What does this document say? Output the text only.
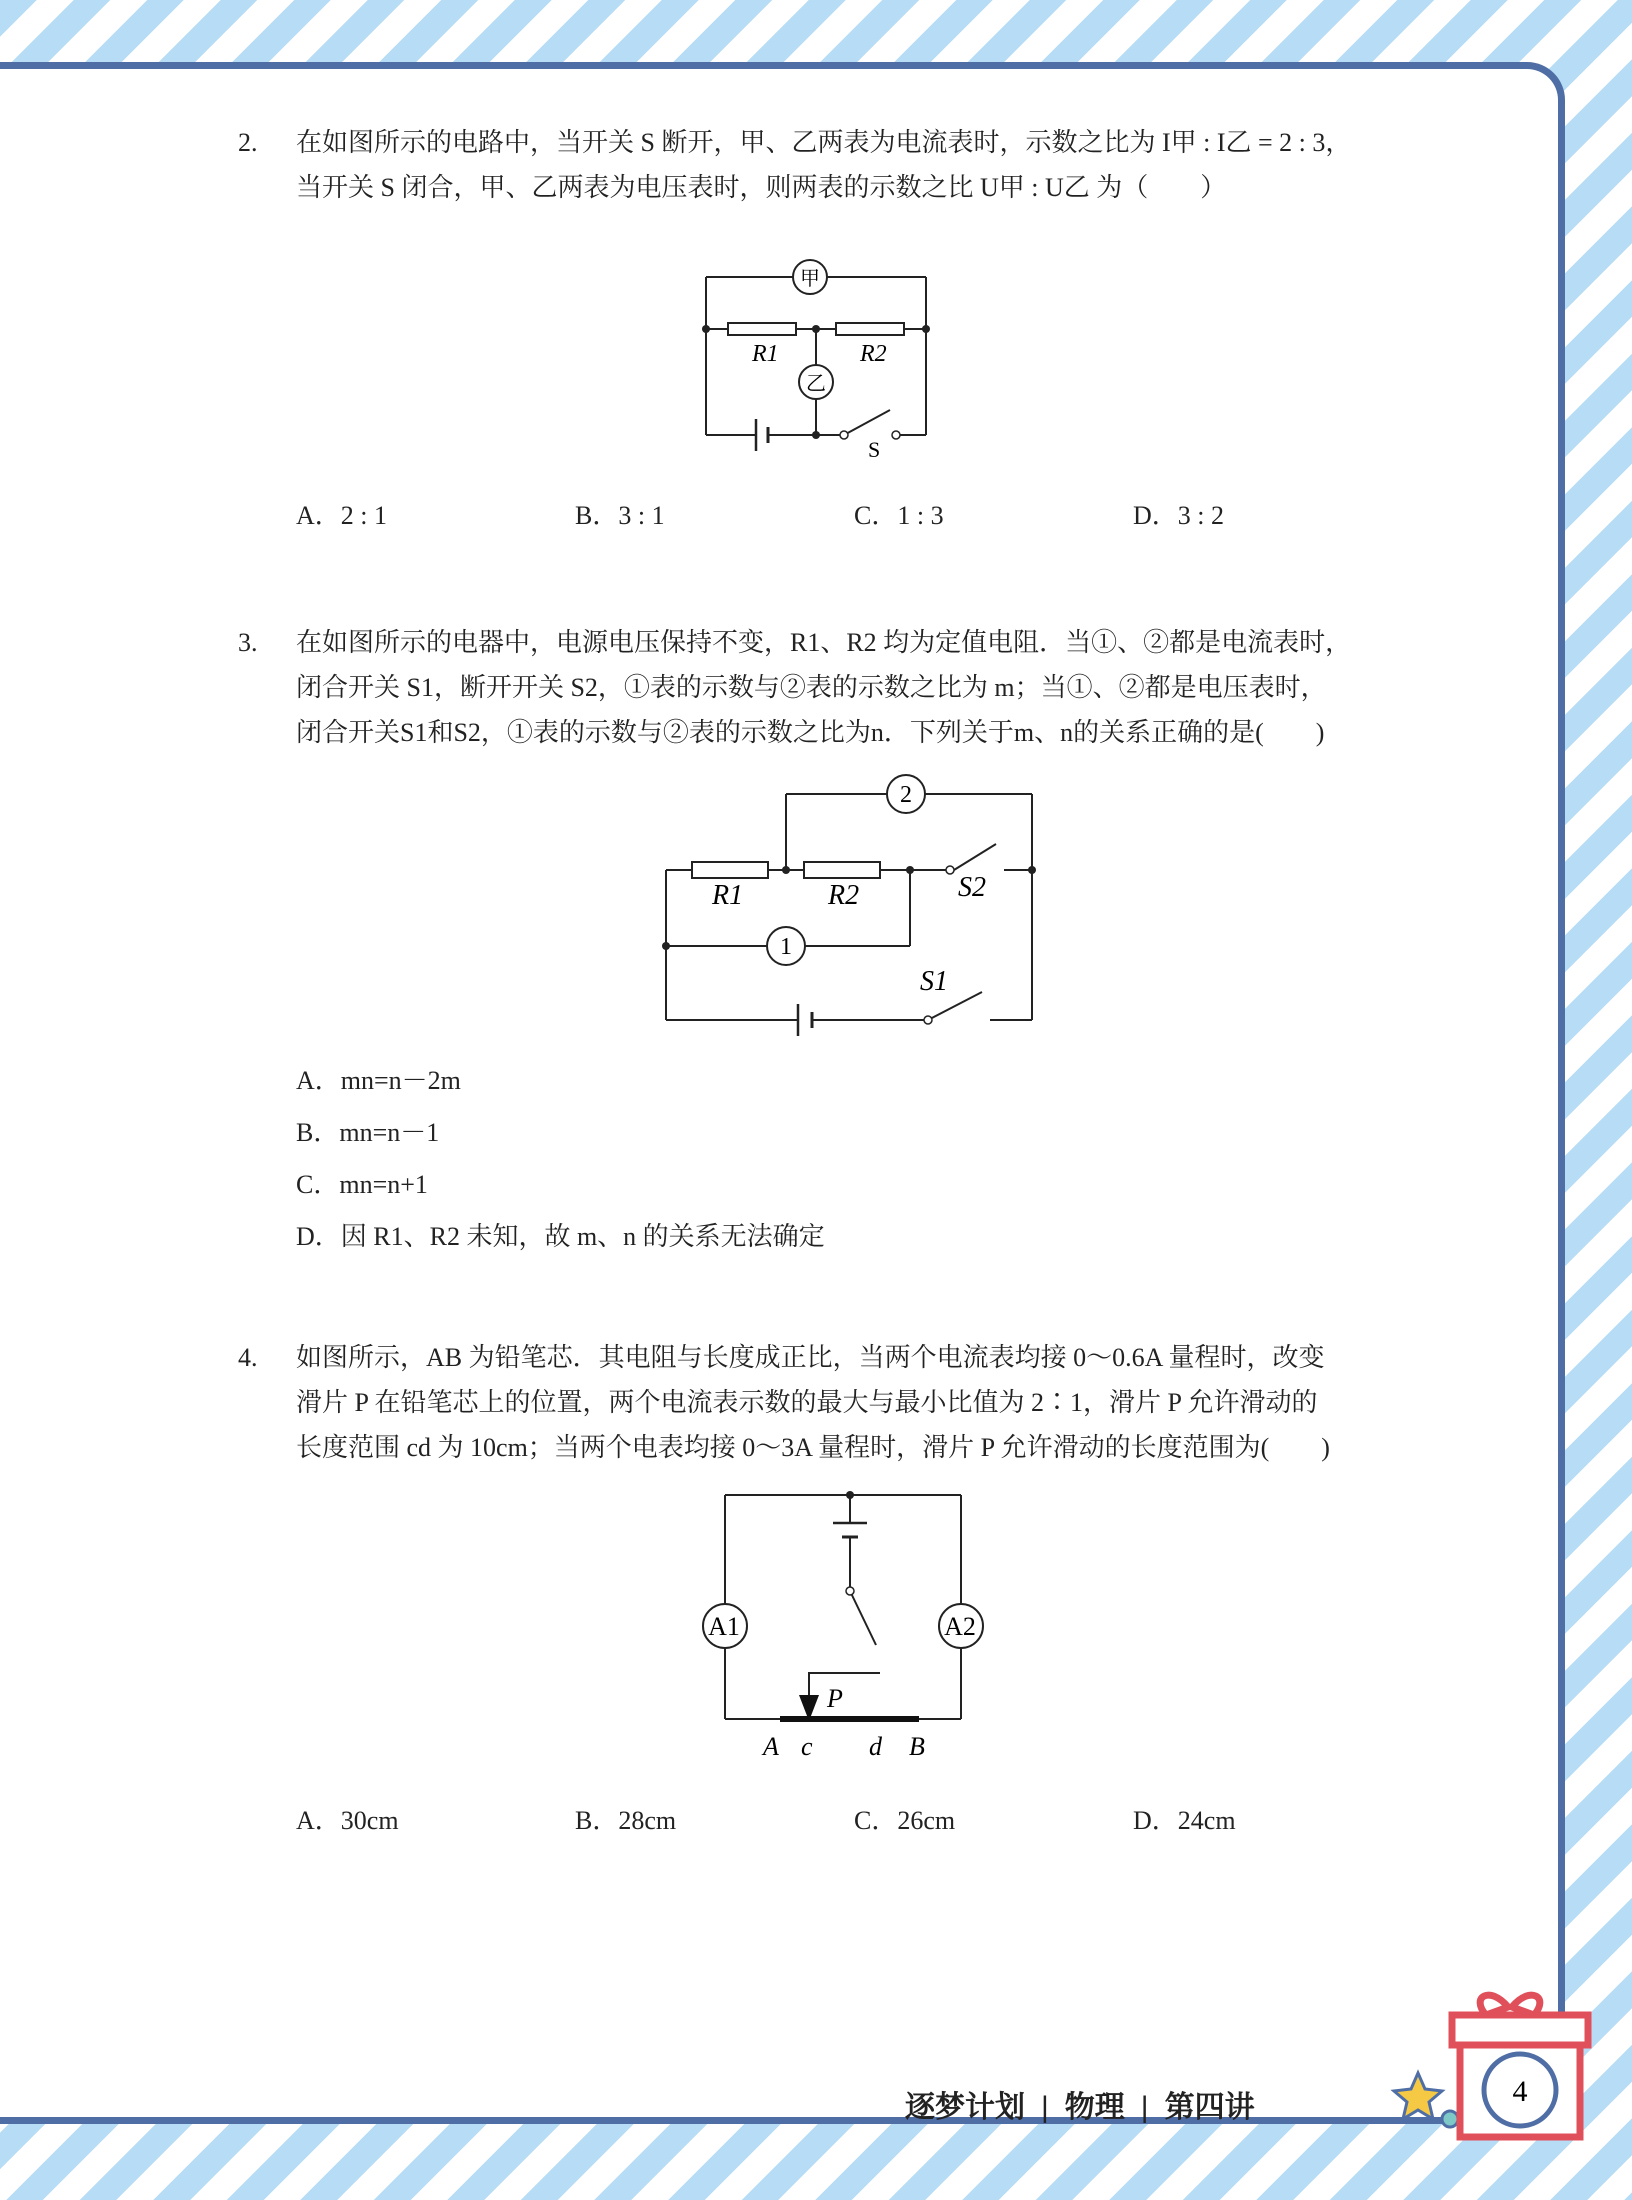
2. 在如图所示的电路中，当开关 S 断开，甲、乙两表为电流表时，示数之比为 I甲 : I乙 = 2 : 3，
当开关 S 闭合，甲、乙两表为电压表时，则两表的示数之比 U甲 : U乙 为（　　）
甲
乙
R1	R2
S
A．2 : 1	B．3 : 1	C．1 : 3	D．3 : 2
3. 在如图所示的电器中，电源电压保持不变，R1、R2 均为定值电阻．当①、②都是电流表时，
闭合开关 S1，断开开关 S2，①表的示数与②表的示数之比为 m；当①、②都是电压表时，
闭合开关S1和S2，①表的示数与②表的示数之比为n．下列关于m、n的关系正确的是(　　)
2
1
R1	R2	S2
S1
A．mn=n－2m
B．mn=n－1
C．mn=n+1
D．因 R1、R2 未知，故 m、n 的关系无法确定
4. 如图所示，AB 为铅笔芯．其电阻与长度成正比，当两个电流表均接 0～0.6A 量程时，改变
滑片 P 在铅笔芯上的位置，两个电流表示数的最大与最小比值为 2∶1，滑片 P 允许滑动的
长度范围 cd 为 10cm；当两个电表均接 0～3A 量程时，滑片 P 允许滑动的长度范围为(　　)
A1	A2
P
A c d B
A．30cm	B．28cm	C．26cm	D．24cm
逐梦计划 | 物理 | 第四讲	4
